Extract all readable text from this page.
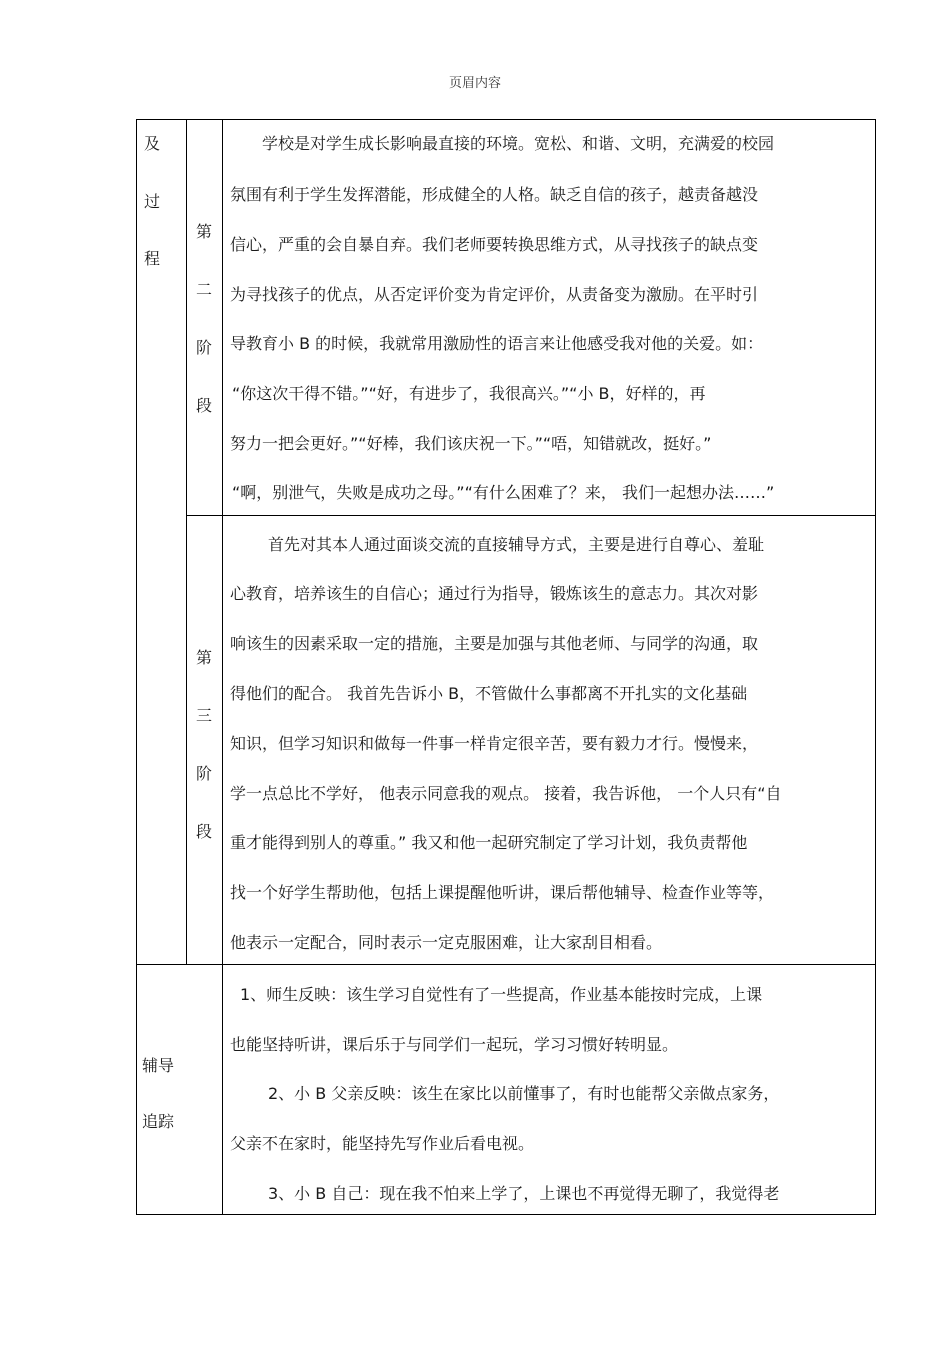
页眉内容
及
过
程
第
二
阶
段
学校是对学生成长影响最直接的环境。宽松、和谐、文明，充满爱的校园
氛围有利于学生发挥潜能，形成健全的人格。缺乏自信的孩子，越责备越没
信心，严重的会自暴自弃。我们老师要转换思维方式，从寻找孩子的缺点变
为寻找孩子的优点，从否定评价变为肯定评价，从责备变为激励。在平时引
导教育小 B 的时候，我就常用激励性的语言来让他感受我对他的关爱。如：
“你这次干得不错。”“好，有进步了，我很高兴。”“小 B，好样的，再
努力一把会更好。”“好棒，我们该庆祝一下。”“唔，知错就改，挺好。”
“啊，别泄气，失败是成功之母。”“有什么困难了？来， 我们一起想办法……”
第
三
阶
段
首先对其本人通过面谈交流的直接辅导方式，主要是进行自尊心、羞耻
心教育，培养该生的自信心；通过行为指导，锻炼该生的意志力。其次对影
响该生的因素采取一定的措施，主要是加强与其他老师、与同学的沟通，取
得他们的配合。 我首先告诉小 B，不管做什么事都离不开扎实的文化基础
知识，但学习知识和做每一件事一样肯定很辛苦，要有毅力才行。慢慢来，
学一点总比不学好， 他表示同意我的观点。 接着，我告诉他， 一个人只有“自
重才能得到别人的尊重。” 我又和他一起研究制定了学习计划，我负责帮他
找一个好学生帮助他，包括上课提醒他听讲，课后帮他辅导、检查作业等等，
他表示一定配合，同时表示一定克服困难，让大家刮目相看。
辅导
追踪
1、师生反映：该生学习自觉性有了一些提高，作业基本能按时完成，上课
也能坚持听讲，课后乐于与同学们一起玩，学习习惯好转明显。
2、小 B 父亲反映：该生在家比以前懂事了，有时也能帮父亲做点家务，
父亲不在家时，能坚持先写作业后看电视。
3、小 B 自己：现在我不怕来上学了，上课也不再觉得无聊了，我觉得老
